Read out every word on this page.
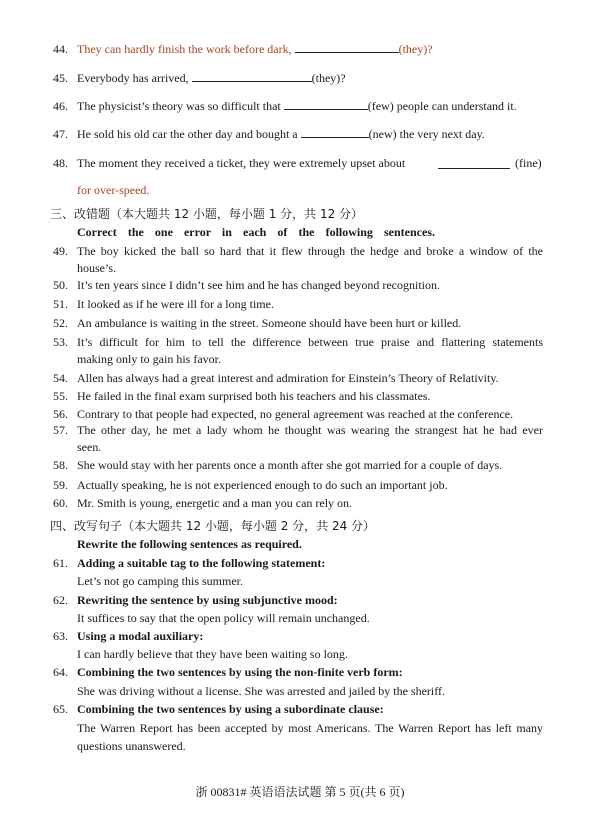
44. They can hardly finish the work before dark,	(they)?
45. Everybody has arrived,	(they)?
46. The physicist’s theory was so difficult that	(few) people can understand it.
47. He sold his old car the other day and bought a	(new) the very next day.
48. The moment they received a ticket, they were extremely upset about	(fine)
for over-speed.
三、改错题（本大题共 12 小题，每小题 1 分，共 12 分）
Correct the one error in each of the following sentences.
49. The boy kicked the ball so hard that it flew through the hedge and broke a window of the
house’s.
50. It’s ten years since I didn’t see him and he has changed beyond recognition.
51. It looked as if he were ill for a long time.
52. An ambulance is waiting in the street. Someone should have been hurt or killed.
53. It’s difficult for him to tell the difference between true praise and flattering statements
making only to gain his favor.
54. Allen has always had a great interest and admiration for Einstein’s Theory of Relativity.
55. He failed in the final exam surprised both his teachers and his classmates.
56. Contrary to that people had expected, no general agreement was reached at the conference.
57. The other day, he met a lady whom he thought was wearing the strangest hat he had ever
seen.
58. She would stay with her parents once a month after she got married for a couple of days.
59. Actually speaking, he is not experienced enough to do such an important job.
60. Mr. Smith is young, energetic and a man you can rely on.
四、改写句子（本大题共 12 小题，每小题 2 分，共 24 分）
Rewrite the following sentences as required.
61. Adding a suitable tag to the following statement:
Let’s not go camping this summer.
62. Rewriting the sentence by using subjunctive mood:
It suffices to say that the open policy will remain unchanged.
63. Using a modal auxiliary:
I can hardly believe that they have been waiting so long.
64. Combining the two sentences by using the non-finite verb form:
She was driving without a license. She was arrested and jailed by the sheriff.
65. Combining the two sentences by using a subordinate clause:
The Warren Report has been accepted by most Americans. The Warren Report has left many
questions unanswered.
浙 00831# 英语语法试题 第 5 页(共 6 页)
